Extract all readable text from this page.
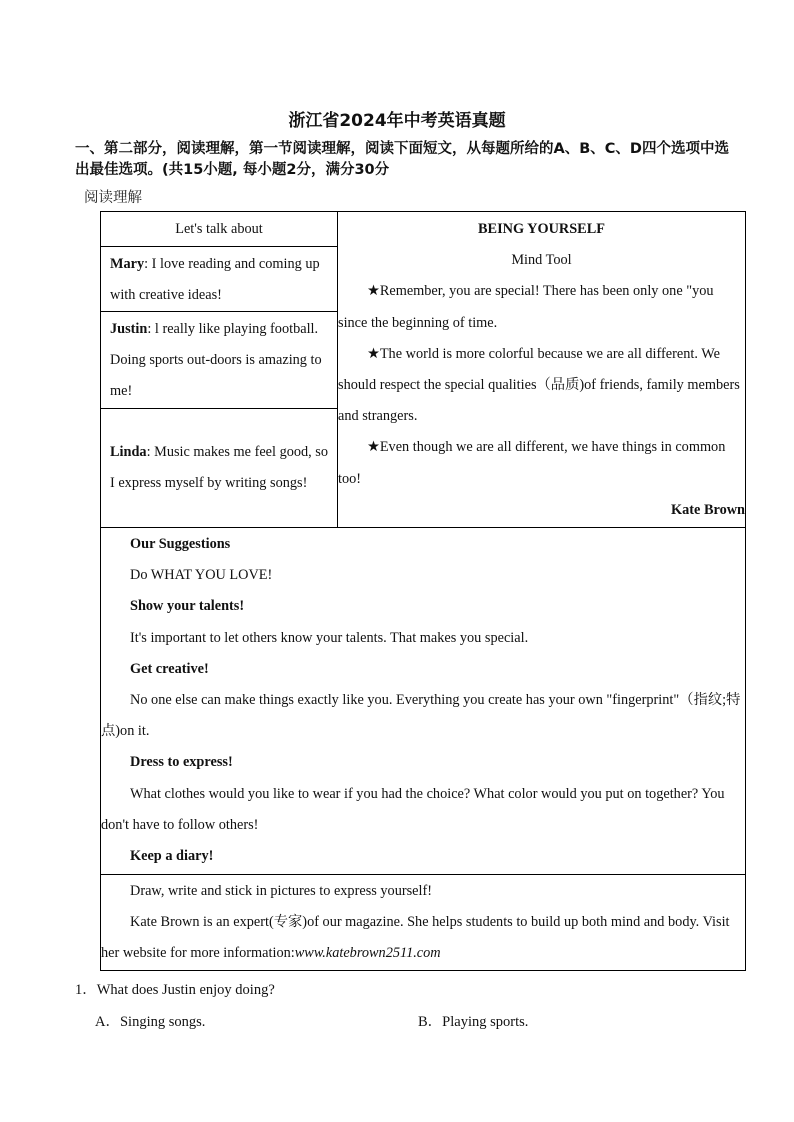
浙江省2024年中考英语真题
一、第二部分，阅读理解，第一节阅读理解，阅读下面短文，从每题所给的A、B、C、D四个选项中选出最佳选项。(共15小题, 每小题2分，满分30分
阅读理解
Let's talk about
Mary: I love reading and coming up with creative ideas!
Justin: l really like playing football. Doing sports out-doors is amazing to me!
Linda: Music makes me feel good, so I express myself by writing songs!
BEING YOURSELF
Mind Tool
★Remember, you are special! There has been only one "you since the beginning of time.
★The world is more colorful because we are all different. We should respect the special qualities（品质)of friends, family members and strangers.
★Even though we are all different, we have things in common too!
Kate Brown
Our Suggestions
Do WHAT YOU LOVE!
Show your talents!
It's important to let others know your talents. That makes you special.
Get creative!
No one else can make things exactly like you. Everything you create has your own "fingerprint"（指纹;特点)on it.
Dress to express!
What clothes would you like to wear if you had the choice? What color would you put on together? You don't have to follow others!
Keep a diary!
Draw, write and stick in pictures to express yourself!
Kate Brown is an expert(专家)of our magazine. She helps students to build up both mind and body. Visit her website for more information:www.katebrown2511.com
1．What does Justin enjoy doing?
A．Singing songs.	B．Playing sports.
